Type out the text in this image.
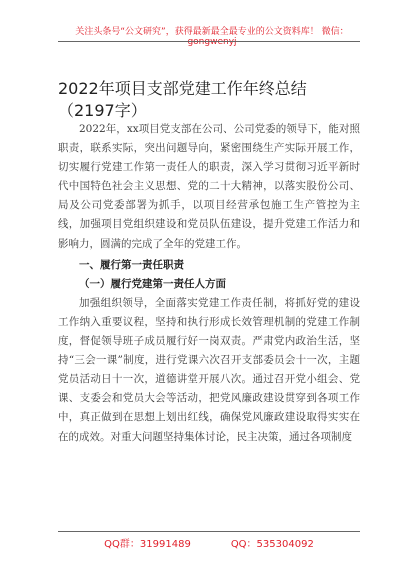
关注头条号“公文研究”，获得最新最全最专业的公文资料库！ 微信：gongwenyj
2022年项目支部党建工作年终总结（2197字）

2022年，xx项目党支部在公司、公司党委的领导下，能对照职责，联系实际，突出问题导向，紧密围绕生产实际开展工作，切实履行党建工作第一责任人的职责，深入学习贯彻习近平新时代中国特色社会主义思想、党的二十大精神，以落实股份公司、局及公司党委部署为抓手，以项目经营承包施工生产管控为主线，加强项目党组织建设和党员队伍建设，提升党建工作活力和影响力，圆满的完成了全年的党建工作。

一、履行第一责任职责

（一）履行党建第一责任人方面

加强组织领导，全面落实党建工作责任制，将抓好党的建设工作纳入重要议程，坚持和执行形成长效管理机制的党建工作制度，督促领导班子成员履行好一岗双责。严肃党内政治生活，坚持“三会一课”制度，进行党课六次召开支部委员会十一次，主题党员活动日十一次，道德讲堂开展八次。通过召开党小组会、党课、支委会和党员大会等活动，把党风廉政建设贯穿到各项工作中，真正做到在思想上划出红线，确保党风廉政建设取得实实在在的成效。对重大问题坚持集体讨论，民主决策，通过各项制度

QQ群：31991489	QQ：535304092
